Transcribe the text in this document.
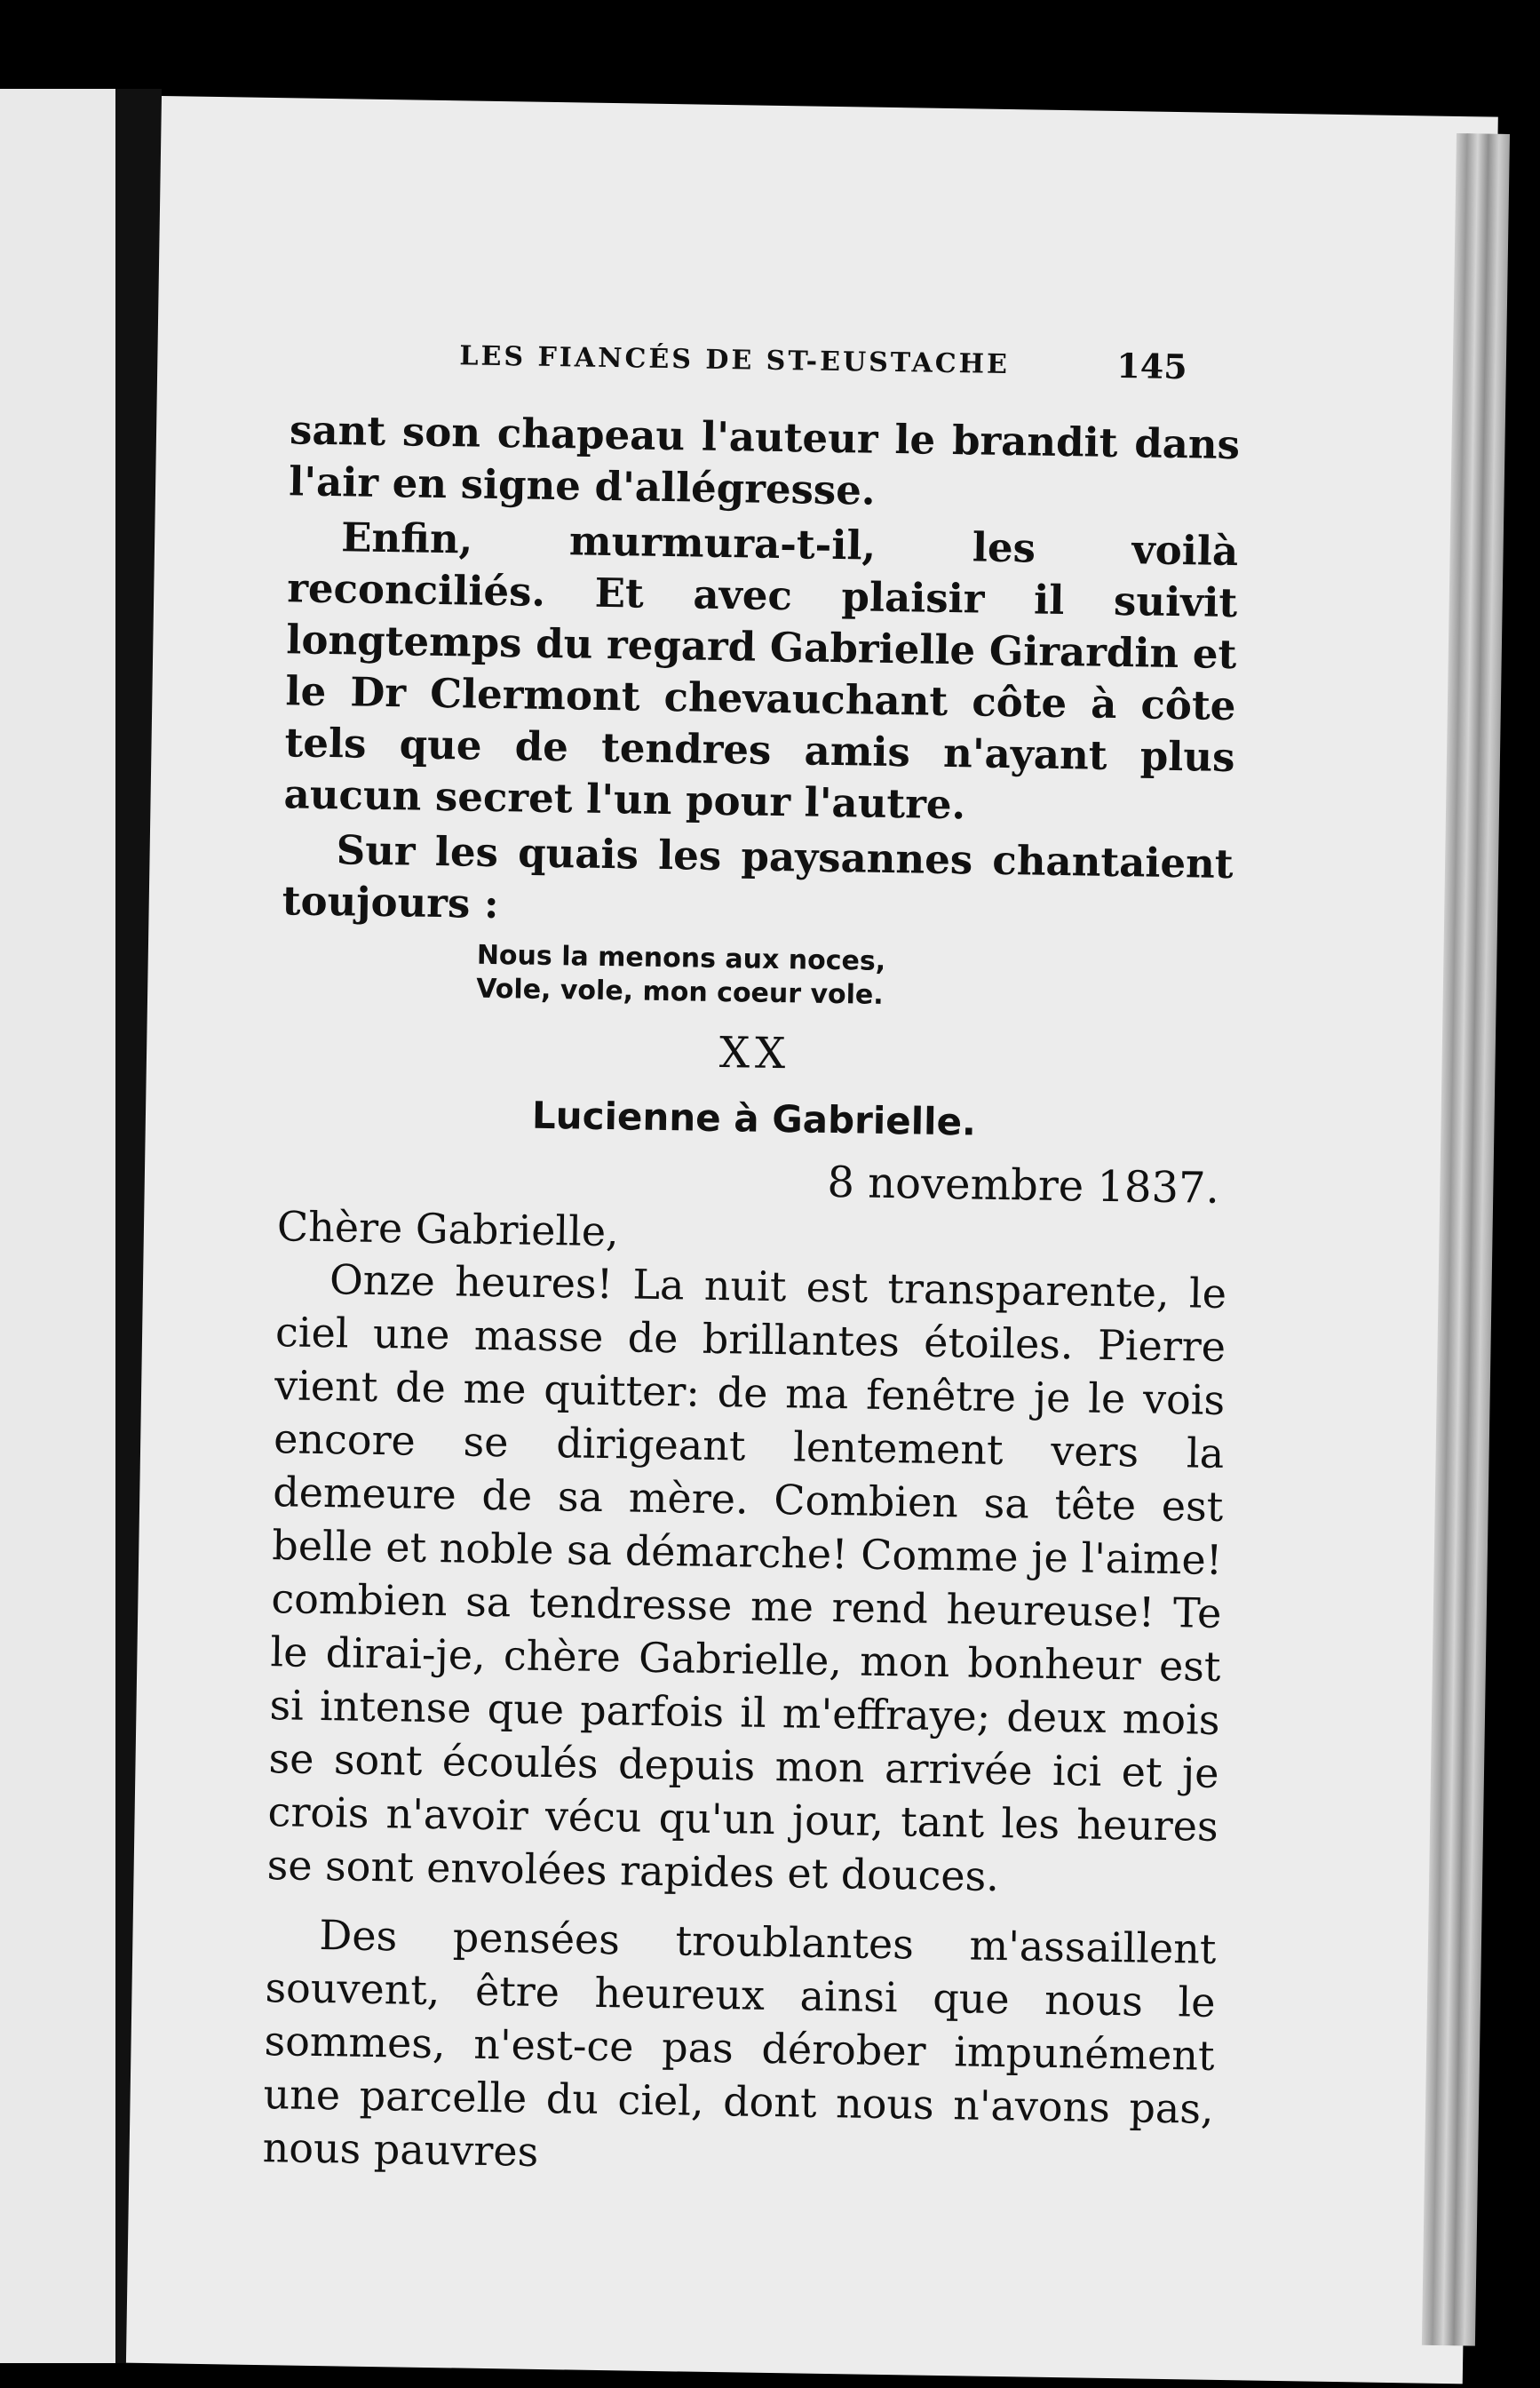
LES FIANCÉS DE ST-EUSTACHE	145

sant son chapeau l'auteur le brandit dans l'air en signe d'allégresse.

Enfin, murmura-t-il, les voilà reconciliés. Et avec plaisir il suivit longtemps du regard Gabrielle Girardin et le Dr Clermont chevauchant côte à côte tels que de tendres amis n'ayant plus aucun secret l'un pour l'autre.

Sur les quais les paysannes chantaient toujours :

Nous la menons aux noces,
Vole, vole, mon coeur vole.
XX
Lucienne à Gabrielle.
8 novembre 1837.

Chère Gabrielle,

Onze heures! La nuit est transparente, le ciel une masse de brillantes étoiles. Pierre vient de me quitter: de ma fenêtre je le vois encore se dirigeant lentement vers la demeure de sa mère. Combien sa tête est belle et noble sa démarche! Comme je l'aime! combien sa tendresse me rend heureuse! Te le dirai-je, chère Gabrielle, mon bonheur est si intense que parfois il m'effraye; deux mois se sont écoulés depuis mon arrivée ici et je crois n'avoir vécu qu'un jour, tant les heures se sont envolées rapides et douces.

Des pensées troublantes m'assaillent souvent, être heureux ainsi que nous le sommes, n'est-ce pas dérober impunément une parcelle du ciel, dont nous n'avons pas, nous pauvres
